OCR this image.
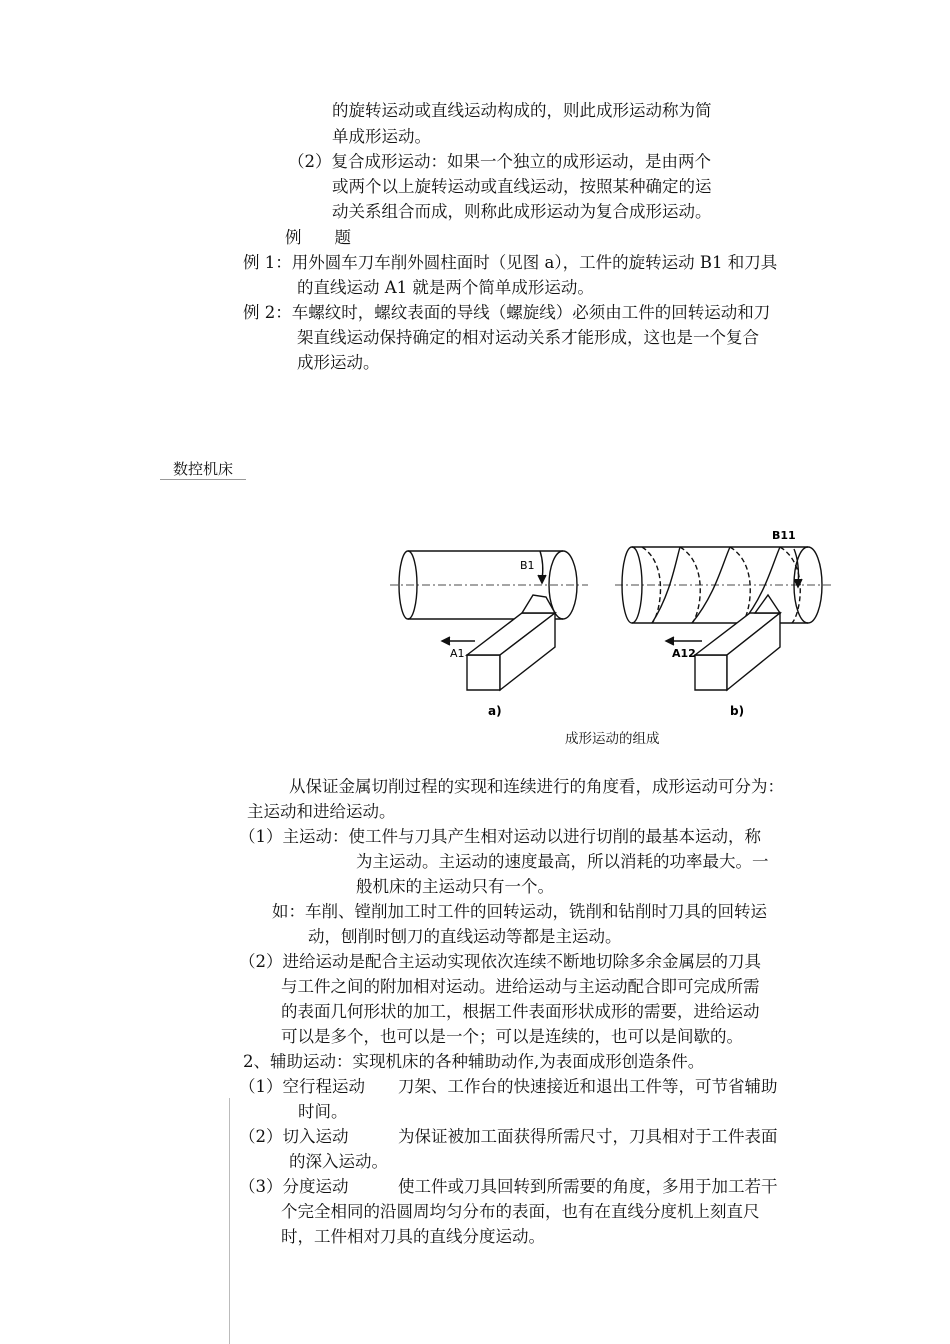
的旋转运动或直线运动构成的，则此成形运动称为简
单成形运动。
（2）复合成形运动：如果一个独立的成形运动，是由两个
或两个以上旋转运动或直线运动，按照某种确定的运
动关系组合而成，则称此成形运动为复合成形运动。
例　　题
例 1：用外圆车刀车削外圆柱面时（见图 a），工件的旋转运动 B1 和刀具
的直线运动 A1 就是两个简单成形运动。
例 2：车螺纹时，螺纹表面的导线（螺旋线）必须由工件的回转运动和刀
架直线运动保持确定的相对运动关系才能形成，这也是一个复合
成形运动。
数控机床
B1
A1
B11
A12
a)	b)
成形运动的组成
从保证金属切削过程的实现和连续进行的角度看，成形运动可分为：
主运动和进给运动。
（1）主运动：使工件与刀具产生相对运动以进行切削的最基本运动，称
为主运动。主运动的速度最高，所以消耗的功率最大。一
般机床的主运动只有一个。
如：车削、镗削加工时工件的回转运动，铣削和钻削时刀具的回转运
动，刨削时刨刀的直线运动等都是主运动。
（2）进给运动是配合主运动实现依次连续不断地切除多余金属层的刀具
与工件之间的附加相对运动。进给运动与主运动配合即可完成所需
的表面几何形状的加工，根据工件表面形状成形的需要，进给运动
可以是多个，也可以是一个；可以是连续的，也可以是间歇的。
2、辅助运动：实现机床的各种辅助动作,为表面成形创造条件。
（1）空行程运动　　刀架、工作台的快速接近和退出工件等，可节省辅助
时间。
（2）切入运动　　　为保证被加工面获得所需尺寸，刀具相对于工件表面
的深入运动。
（3）分度运动　　　使工件或刀具回转到所需要的角度，多用于加工若干
个完全相同的沿圆周均匀分布的表面，也有在直线分度机上刻直尺
时，工件相对刀具的直线分度运动。
